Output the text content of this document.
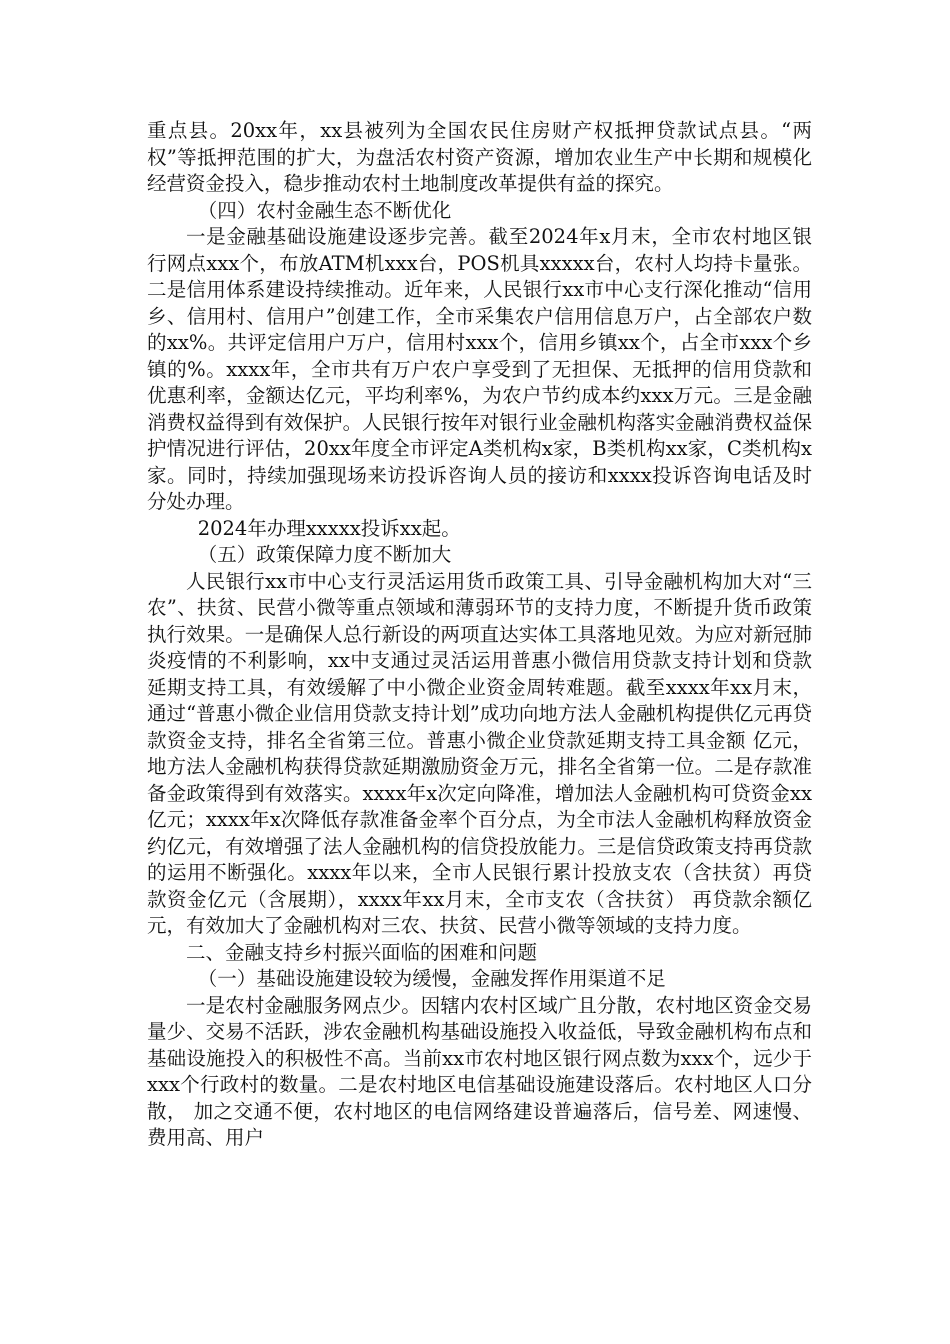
重点县。20xx年，xx县被列为全国农民住房财产权抵押贷款试点县。“两权”等抵押范围的扩大，为盘活农村资产资源，增加农业生产中长期和规模化经营资金投入，稳步推动农村土地制度改革提供有益的探究。

（四）农村金融生态不断优化

一是金融基础设施建设逐步完善。截至2024年x月末，全市农村地区银行网点xxx个，布放ATM机xxx台，POS机具xxxxx台，农村人均持卡量张。二是信用体系建设持续推动。近年来，人民银行xx市中心支行深化推动“信用乡、信用村、信用户”创建工作，全市采集农户信用信息万户，占全部农户数的xx%。共评定信用户万户，信用村xxx个，信用乡镇xx个，占全市xxx个乡镇的%。xxxx年，全市共有万户农户享受到了无担保、无抵押的信用贷款和优惠利率，金额达亿元，平均利率%，为农户节约成本约xxx万元。三是金融消费权益得到有效保护。人民银行按年对银行业金融机构落实金融消费权益保护情况进行评估，20xx年度全市评定A类机构x家，B类机构xx家，C类机构x家。同时，持续加强现场来访投诉咨询人员的接访和xxxx投诉咨询电话及时分处办理。

2024年办理xxxxx投诉xx起。

（五）政策保障力度不断加大

人民银行xx市中心支行灵活运用货币政策工具、引导金融机构加大对“三农”、扶贫、民营小微等重点领域和薄弱环节的支持力度，不断提升货币政策执行效果。一是确保人总行新设的两项直达实体工具落地见效。为应对新冠肺 炎疫情的不利影响，xx中支通过灵活运用普惠小微信用贷款支持计划和贷款延期支持工具，有效缓解了中小微企业资金周转难题。截至xxxx年xx月末，通过“普惠小微企业信用贷款支持计划”成功向地方法人金融机构提供亿元再贷款资金支持，排名全省第三位。普惠小微企业贷款延期支持工具金额 亿元，地方法人金融机构获得贷款延期激励资金万元，排名全省第一位。二是存款准备金政策得到有效落实。xxxx年x次定向降准，增加法人金融机构可贷资金xx亿元；xxxx年x次降低存款准备金率个百分点，为全市法人金融机构释放资金约亿元，有效增强了法人金融机构的信贷投放能力。三是信贷政策支持再贷款的运用不断强化。xxxx年以来，全市人民银行累计投放支农（含扶贫）再贷款资金亿元（含展期），xxxx年xx月末，全市支农（含扶贫） 再贷款余额亿元，有效加大了金融机构对三农、扶贫、民营小微等领域的支持力度。

二、金融支持乡村振兴面临的困难和问题

（一）基础设施建设较为缓慢，金融发挥作用渠道不足

一是农村金融服务网点少。因辖内农村区域广且分散，农村地区资金交易量少、交易不活跃，涉农金融机构基础设施投入收益低，导致金融机构布点和基础设施投入的积极性不高。当前xx市农村地区银行网点数为xxx个，远少于xxx个行政村的数量。二是农村地区电信基础设施建设落后。农村地区人口分散， 加之交通不便，农村地区的电信网络建设普遍落后，信号差、网速慢、费用高、用户
